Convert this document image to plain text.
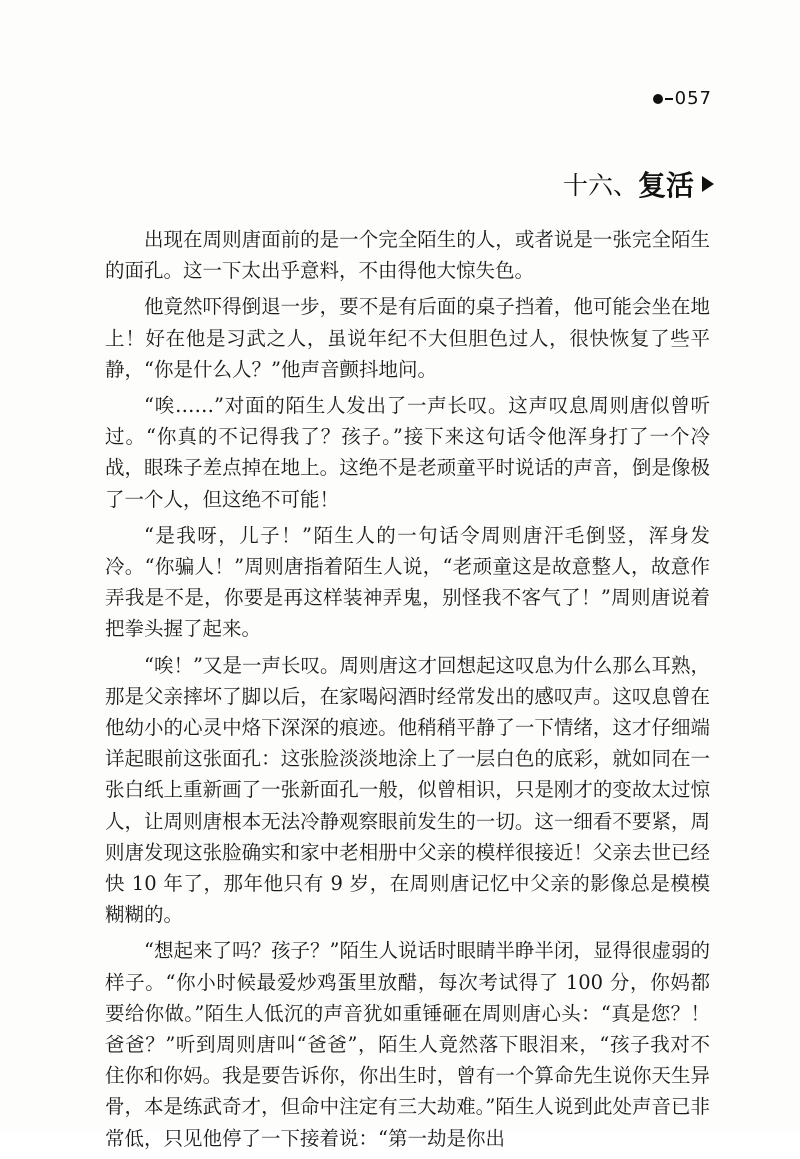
057
十六、 复活

出现在周则唐面前的是一个完全陌生的人，或者说是一张完全陌生的面孔。这一下太出乎意料，不由得他大惊失色。

他竟然吓得倒退一步，要不是有后面的桌子挡着，他可能会坐在地上！好在他是习武之人，虽说年纪不大但胆色过人，很快恢复了些平静，“你是什么人？”他声音颤抖地问。

“唉……”对面的陌生人发出了一声长叹。这声叹息周则唐似曾听过。“你真的不记得我了？孩子。”接下来这句话令他浑身打了一个冷战，眼珠子差点掉在地上。这绝不是老顽童平时说话的声音，倒是像极了一个人，但这绝不可能！

“是我呀，儿子！”陌生人的一句话令周则唐汗毛倒竖，浑身发冷。“你骗人！”周则唐指着陌生人说，“老顽童这是故意整人，故意作弄我是不是，你要是再这样装神弄鬼，别怪我不客气了！”周则唐说着把拳头握了起来。

“唉！”又是一声长叹。周则唐这才回想起这叹息为什么那么耳熟，那是父亲摔坏了脚以后，在家喝闷酒时经常发出的感叹声。这叹息曾在他幼小的心灵中烙下深深的痕迹。他稍稍平静了一下情绪，这才仔细端详起眼前这张面孔：这张脸淡淡地涂上了一层白色的底彩，就如同在一张白纸上重新画了一张新面孔一般，似曾相识，只是刚才的变故太过惊人，让周则唐根本无法冷静观察眼前发生的一切。这一细看不要紧，周则唐发现这张脸确实和家中老相册中父亲的模样很接近！父亲去世已经快 10 年了，那年他只有 9 岁，在周则唐记忆中父亲的影像总是模模糊糊的。

“想起来了吗？孩子？”陌生人说话时眼睛半睁半闭，显得很虚弱的样子。“你小时候最爱炒鸡蛋里放醋，每次考试得了 100 分，你妈都要给你做。”陌生人低沉的声音犹如重锤砸在周则唐心头：“真是您？！爸爸？”听到周则唐叫“爸爸”，陌生人竟然落下眼泪来，“孩子我对不住你和你妈。我是要告诉你，你出生时，曾有一个算命先生说你天生异骨，本是练武奇才，但命中注定有三大劫难。”陌生人说到此处声音已非常低，只见他停了一下接着说：“第一劫是你出
